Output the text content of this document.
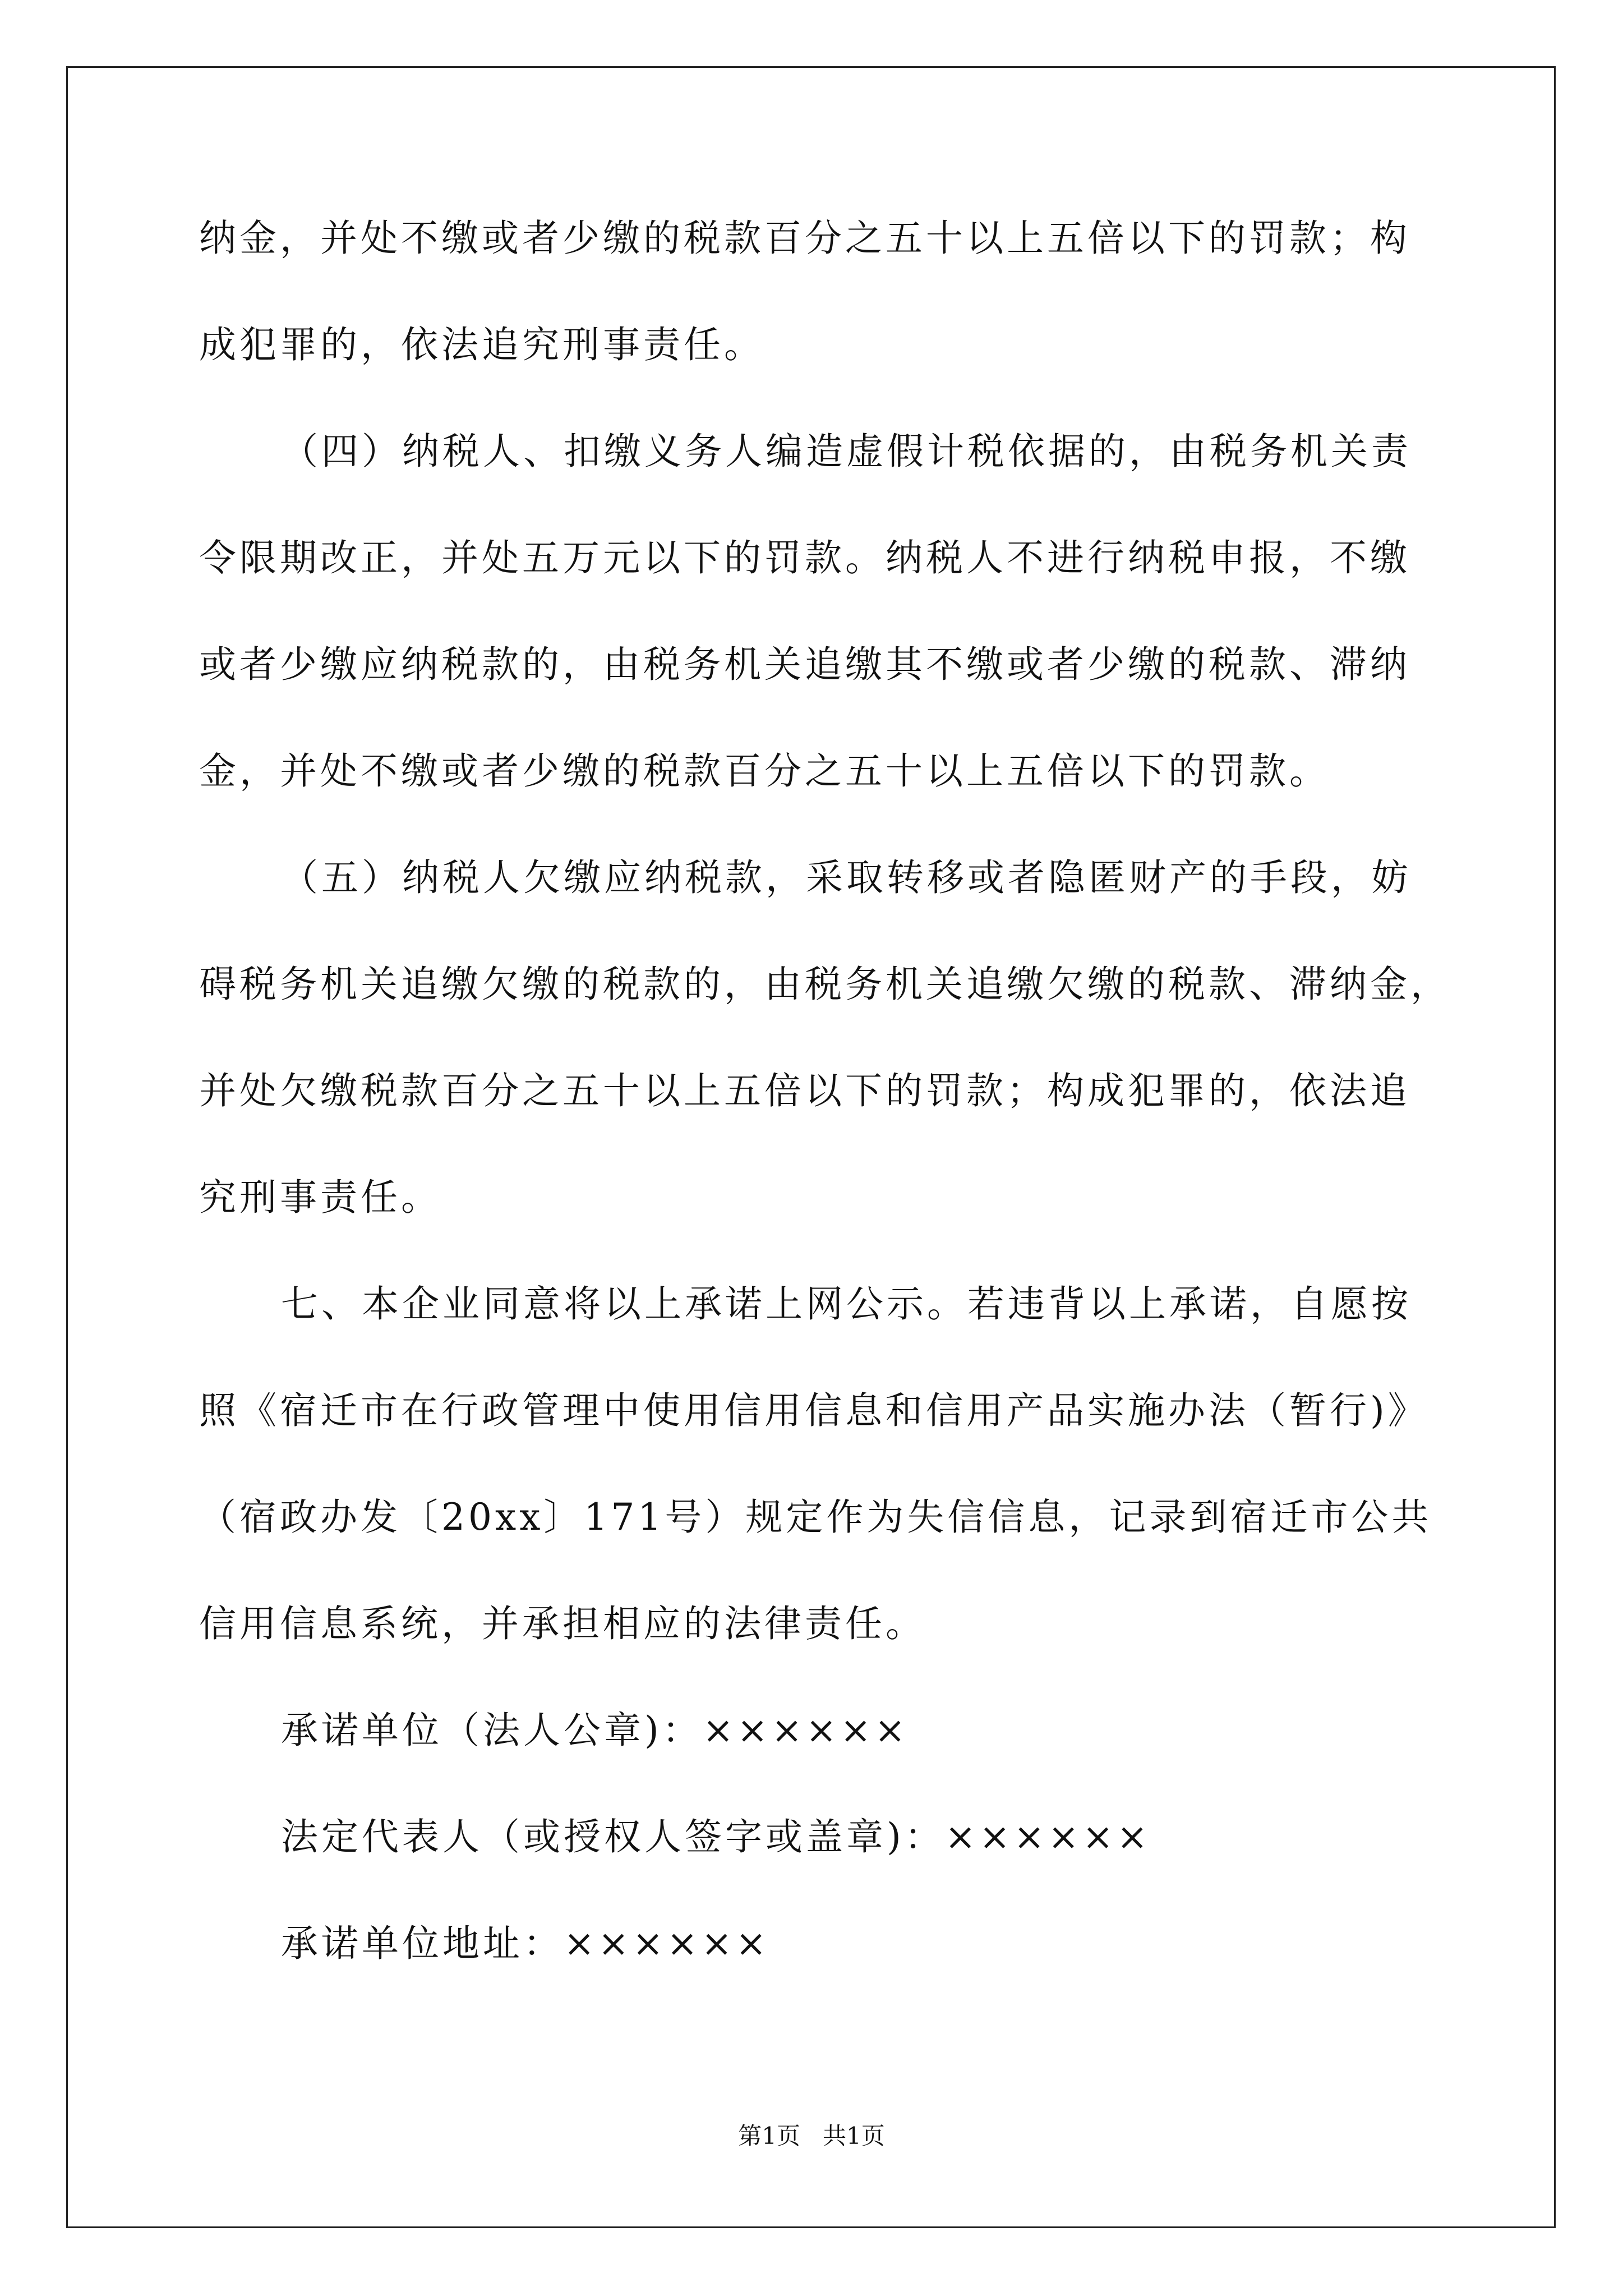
纳金，并处不缴或者少缴的税款百分之五十以上五倍以下的罚款；构
成犯罪的，依法追究刑事责任。
（四）纳税人、扣缴义务人编造虚假计税依据的，由税务机关责
令限期改正，并处五万元以下的罚款。纳税人不进行纳税申报，不缴
或者少缴应纳税款的，由税务机关追缴其不缴或者少缴的税款、滞纳
金，并处不缴或者少缴的税款百分之五十以上五倍以下的罚款。
（五）纳税人欠缴应纳税款，采取转移或者隐匿财产的手段，妨
碍税务机关追缴欠缴的税款的，由税务机关追缴欠缴的税款、滞纳金，
并处欠缴税款百分之五十以上五倍以下的罚款；构成犯罪的，依法追
究刑事责任。
七、本企业同意将以上承诺上网公示。若违背以上承诺，自愿按
照《宿迁市在行政管理中使用信用信息和信用产品实施办法（暂行)》
（宿政办发〔20xx〕171号）规定作为失信信息，记录到宿迁市公共
信用信息系统，并承担相应的法律责任。
承诺单位（法人公章)：××××××
法定代表人（或授权人签字或盖章)：××××××
承诺单位地址：××××××
第1页   共1页
